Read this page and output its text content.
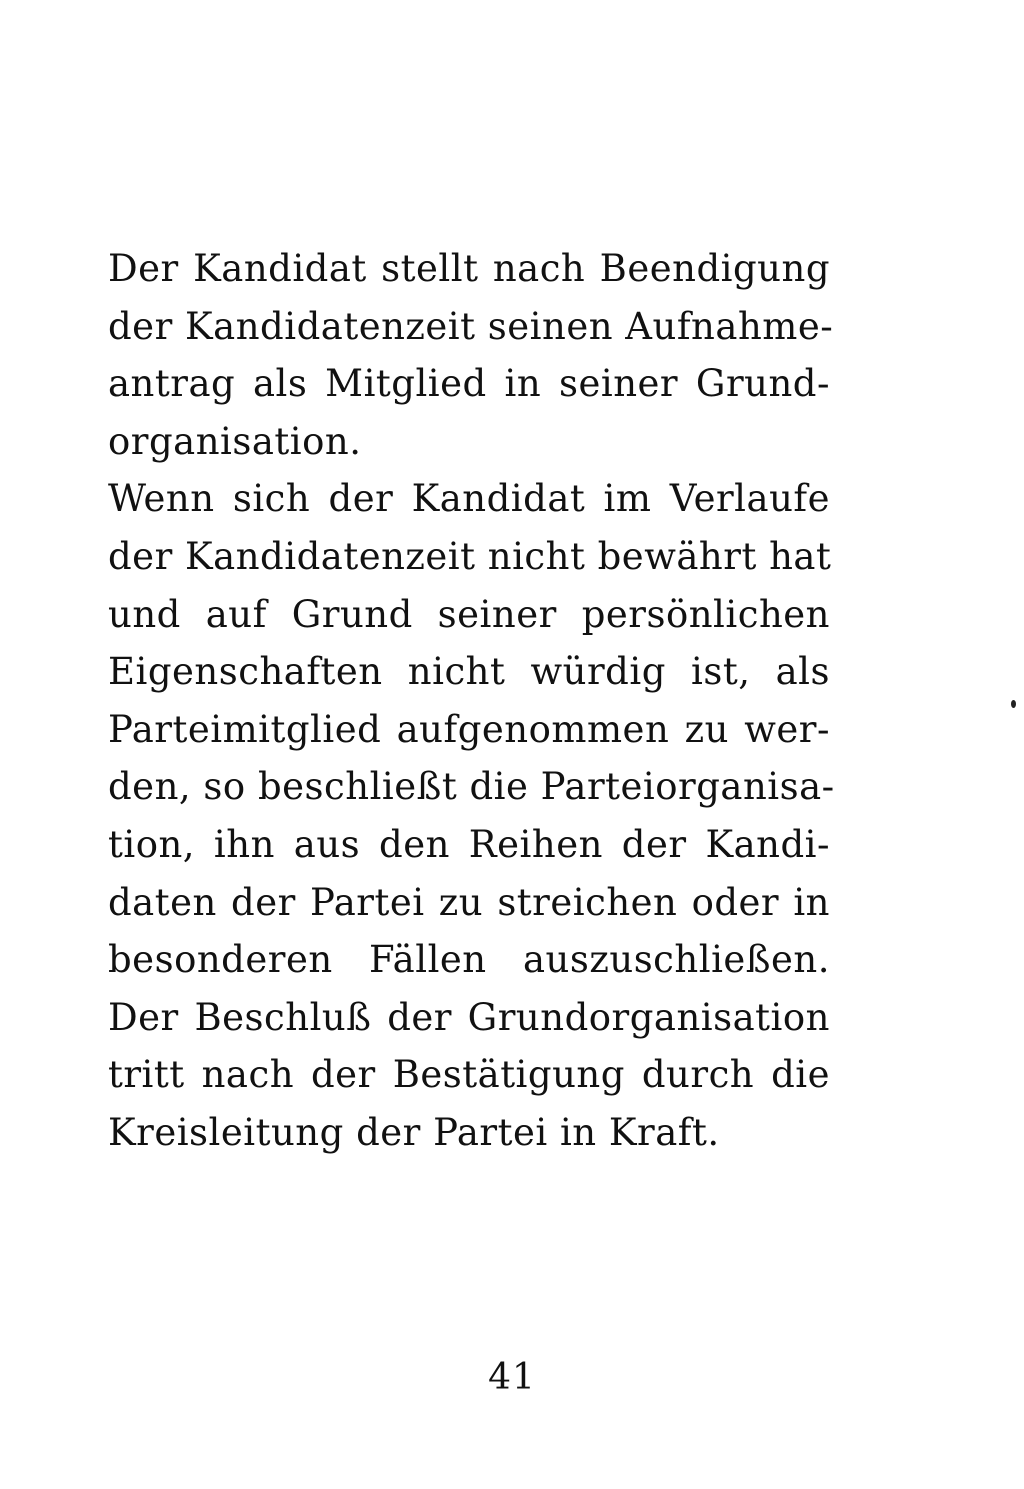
Der Kandidat stellt nach Beendigung
der Kandidatenzeit seinen Aufnahme-
antrag als Mitglied in seiner Grund-
organisation.
Wenn sich der Kandidat im Verlaufe
der Kandidatenzeit nicht bewährt hat
und auf Grund seiner persönlichen
Eigenschaften nicht würdig ist, als
Parteimitglied aufgenommen zu wer-
den, so beschließt die Parteiorganisa-
tion, ihn aus den Reihen der Kandi-
daten der Partei zu streichen oder in
besonderen Fällen auszuschließen.
Der Beschluß der Grundorganisation
tritt nach der Bestätigung durch die
Kreisleitung der Partei in Kraft.
41
